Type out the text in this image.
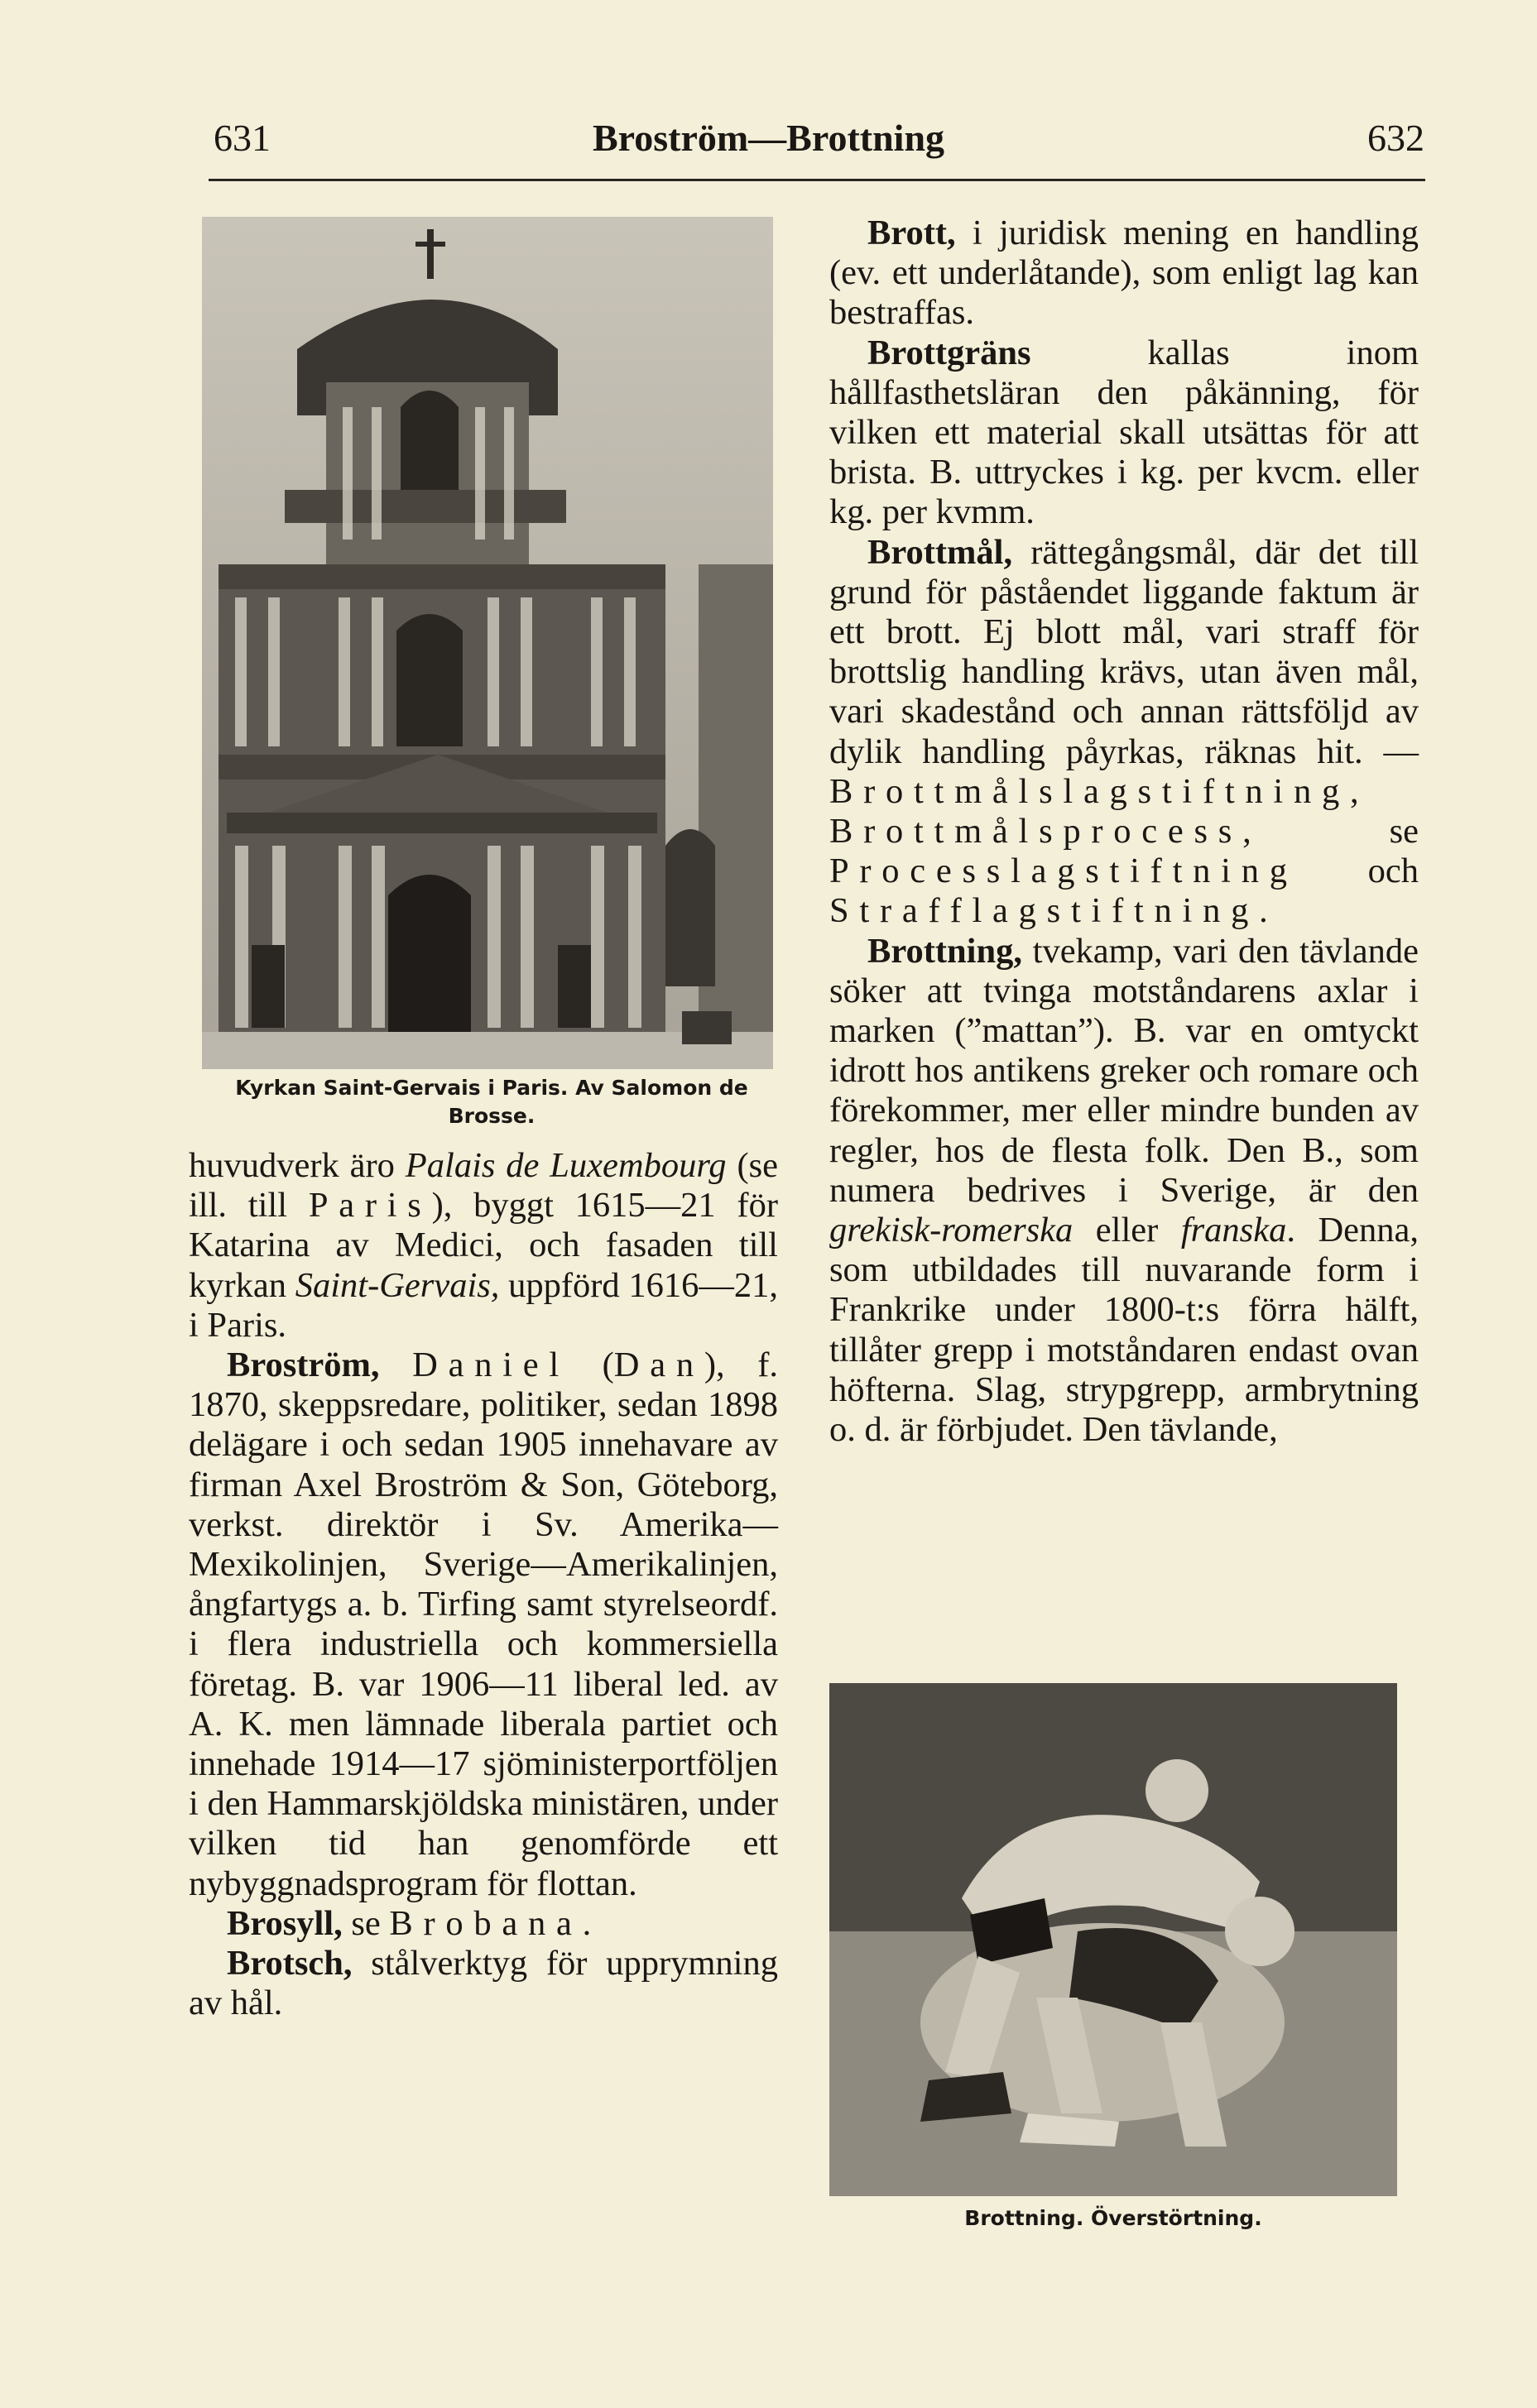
631	Broström—Brottning	632
Kyrkan Saint-Gervais i Paris. Av Salomon de Brosse.

huvudverk äro Palais de Luxembourg (se ill. till Paris), byggt 1615—21 för Katarina av Medici, och fasaden till kyrkan Saint-Gervais, uppförd 1616—21, i Paris.

Broström, Daniel (Dan), f. 1870, skeppsredare, politiker, sedan 1898 delägare i och sedan 1905 innehavare av firman Axel Broström & Son, Göteborg, verkst. direktör i Sv. Amerika—Mexikolinjen, Sverige—Amerikalinjen, ångfartygs a. b. Tirfing samt styrelseordf. i flera industriella och kommersiella företag. B. var 1906—11 liberal led. av A. K. men lämnade liberala partiet och innehade 1914—17 sjöministerportföljen i den Hammarskjöldska ministären, under vilken tid han genomförde ett nybyggnadsprogram för flottan.

Brosyll, se Brobana.

Brotsch, stålverktyg för upprymning av hål.

Brott, i juridisk mening en handling (ev. ett underlåtande), som enligt lag kan bestraffas.

Brottgräns kallas inom hållfasthetsläran den påkänning, för vilken ett material skall utsättas för att brista. B. uttryckes i kg. per kvcm. eller kg. per kvmm.

Brottmål, rättegångsmål, där det till grund för påståendet liggande faktum är ett brott. Ej blott mål, vari straff för brottslig handling krävs, utan även mål, vari skadestånd och annan rättsföljd av dylik handling påyrkas, räknas hit. — Brottmålslagstiftning, Brottmålsprocess, se Processlagstiftning och Strafflagstiftning.

Brottning, tvekamp, vari den tävlande söker att tvinga motståndarens axlar i marken (”mattan”). B. var en omtyckt idrott hos antikens greker och romare och förekommer, mer eller mindre bunden av regler, hos de flesta folk. Den B., som numera bedrives i Sverige, är den grekisk-romerska eller franska. Denna, som utbildades till nuvarande form i Frankrike under 1800-t:s förra hälft, tillåter grepp i motståndaren endast ovan höfterna. Slag, strypgrepp, armbrytning o. d. är förbjudet. Den tävlande,

Brottning. Överstörtning.
